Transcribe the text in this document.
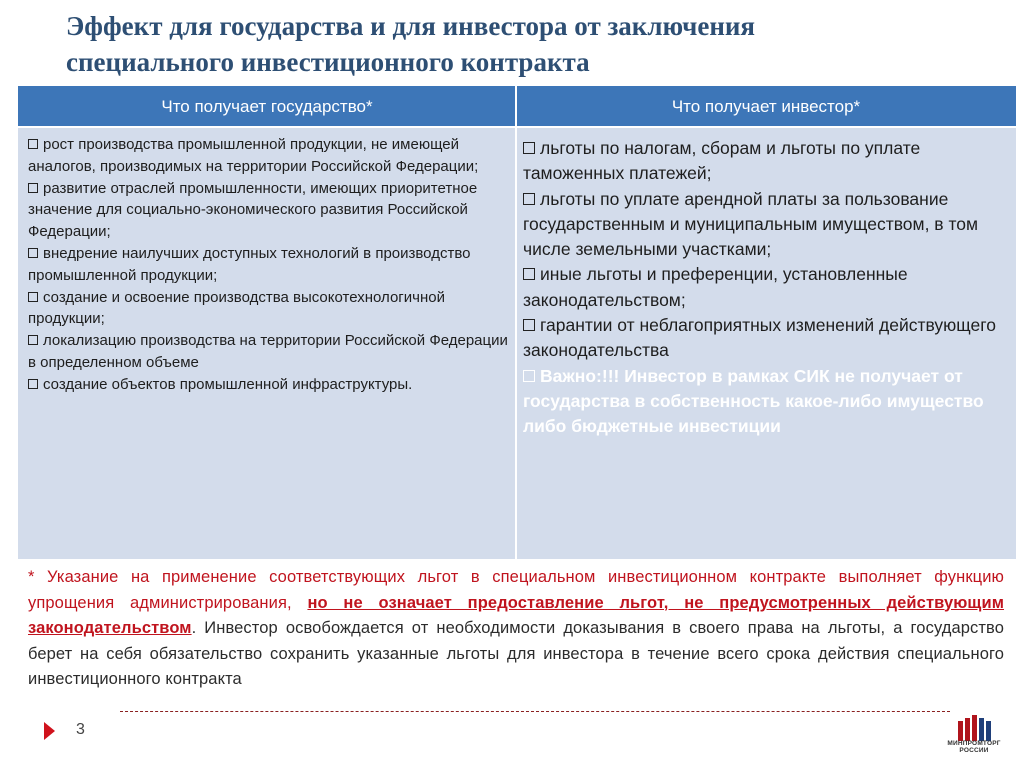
Эффект для государства и для инвестора от заключения
специального инвестиционного контракта
Что получает государство*	Что получает инвестор*

рост производства промышленной продукции, не имеющей аналогов, производимых на территории Российской Федерации;

развитие отраслей промышленности, имеющих приоритетное значение для социально-экономического развития Российской Федерации;

внедрение наилучших доступных технологий в производство промышленной продукции;

создание и освоение производства высокотехнологичной продукции;

локализацию производства на территории Российской Федерации в определенном объеме

создание объектов промышленной инфраструктуры.

льготы по налогам, сборам и льготы по уплате таможенных платежей;

льготы по уплате арендной платы за пользование государственным и муниципальным имуществом, в том числе земельными участками;

иные льготы и преференции, установленные законодательством;

гарантии от неблагоприятных изменений действующего законодательства

Важно:!!! Инвестор в рамках СИК не получает от государства в собственность какое-либо имущество либо бюджетные инвестиции

* Указание на применение соответствующих льгот в специальном инвестиционном контракте выполняет функцию упрощения администрирования, но не означает предоставление льгот, не предусмотренных действующим законодательством. Инвестор освобождается от необходимости доказывания в своего права на льготы, а государство берет на себя обязательство сохранить указанные льготы для инвестора в течение всего срока действия специального инвестиционного контракта
3
МИНПРОМТОРГ РОССИИ
